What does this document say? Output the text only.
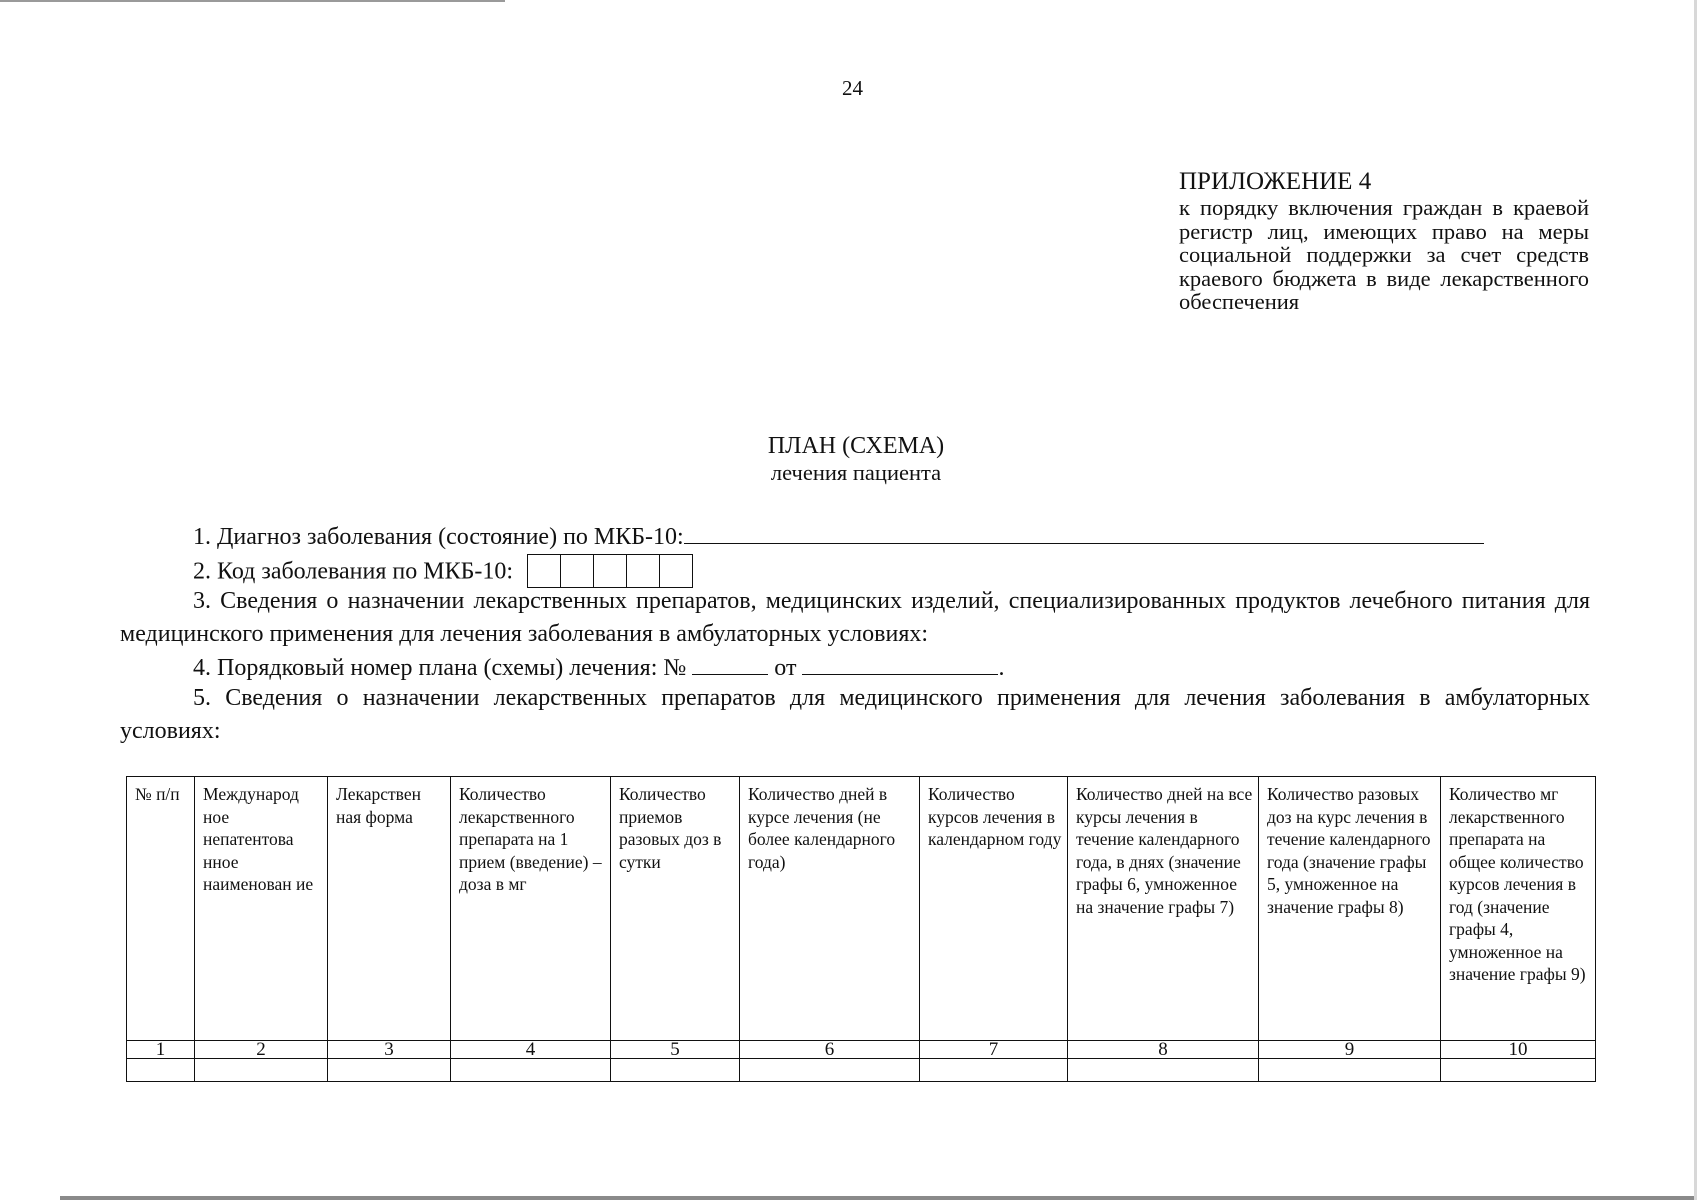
24
ПРИЛОЖЕНИЕ 4
к порядку включения граждан в краевой регистр лиц, имеющих право на меры социальной поддержки за счет средств краевого бюджета в виде лекарственного обеспечения
ПЛАН (СХЕМА)
лечения пациента
1. Диагноз заболевания (состояние) по МКБ-10:
2. Код заболевания по МКБ-10:
3. Сведения о назначении лекарственных препаратов, медицинских изделий, специализированных продуктов лечебного питания для медицинского применения для лечения заболевания в амбулаторных условиях:
4. Порядковый номер плана (схемы) лечения: №	от	.
5. Сведения о назначении лекарственных препаратов для медицинского применения для лечения заболевания в амбулаторных условиях:
№ п/п	Международ ное непатентова нное наименован ие	Лекарствен ная форма	Количество лекарственного препарата на 1 прием (введение) – доза в мг	Количество приемов разовых доз в сутки	Количество дней в курсе лечения (не более календарного года)	Количество курсов лечения в календарном году	Количество дней на все курсы лечения в течение календарного года, в днях (значение графы 6, умноженное на значение графы 7)	Количество разовых доз на курс лечения в течение календарного года (значение графы 5, умноженное на значение графы 8)	Количество мг лекарственного препарата на общее количество курсов лечения в год (значение графы 4, умноженное на значение графы 9)
1	2	3	4	5	6	7	8	9	10
